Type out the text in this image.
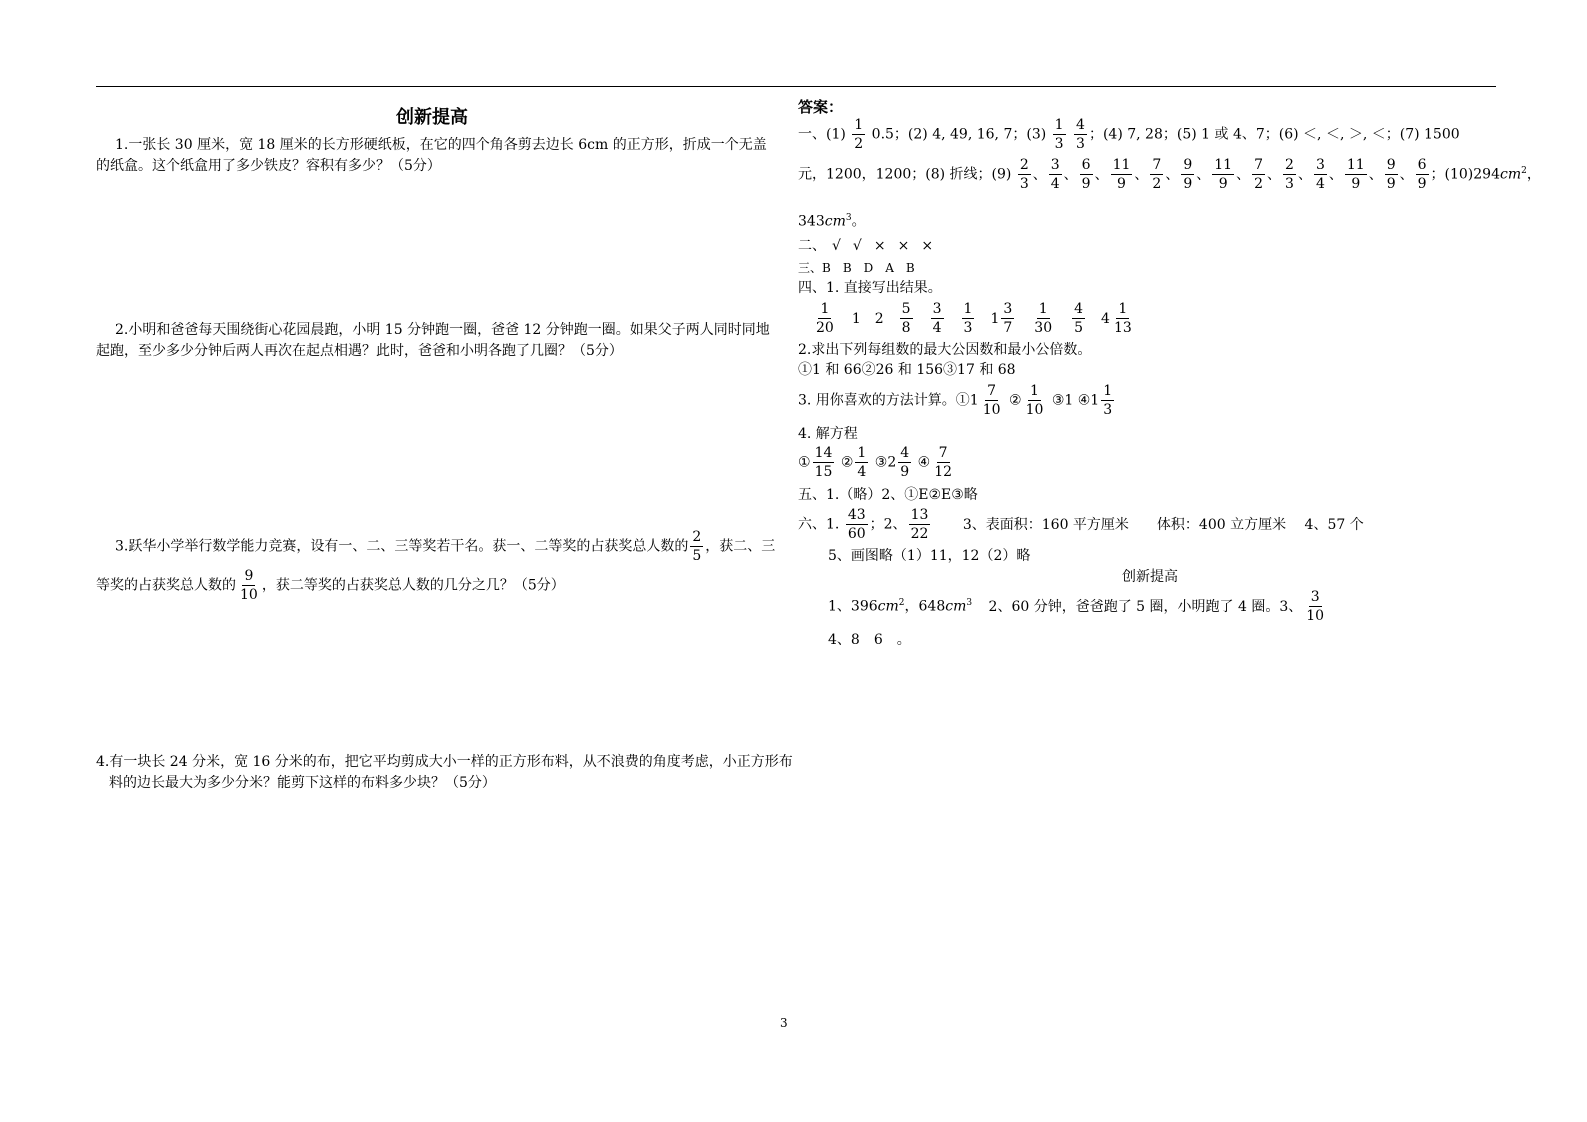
创新提高
1.一张长 30 厘米，宽 18 厘米的长方形硬纸板，在它的四个角各剪去边长 6cm 的正方形，折成一个无盖的纸盒。这个纸盒用了多少铁皮？容积有多少？（5分）
2.小明和爸爸每天围绕街心花园晨跑，小明 15 分钟跑一圈，爸爸 12 分钟跑一圈。如果父子两人同时同地起跑，至少多少分钟后两人再次在起点相遇？此时，爸爸和小明各跑了几圈？（5分）
3.跃华小学举行数学能力竞赛，设有一、二、三等奖若干名。获一、二等奖的占获奖总人数的 $\frac{2}{5}$ ，获二、三
等奖的占获奖总人数的 $\frac{9}{10}$ ，获二等奖的占获奖总人数的几分之几？（5分）
4.有一块长 24 分米，宽 16 分米的布，把它平均剪成大小一样的正方形布料，从不浪费的角度考虑，小正方形布
料的边长最大为多少分米？能剪下这样的布料多少块？（5分）
答案：
一、$(1) \frac{1}{2} 0.5$；(2) 4, 49, 16, 7；$(3) \frac{1}{3}$
$\frac{4}{3}$ ；(4) 7, 28；(5) 1 或 4、7；(6) ＜, ＜, ＞, ＜；(7) 1500
元，1200，1200；(8) 折线；$(9) \frac{2}{3}$ 、 $\frac{3}{4}$ 、 $\frac{6}{9}$ 、 $\frac{11}{9}$ 、 $\frac{7}{2}$ 、 $\frac{9}{9}$ 、 $\frac{11}{9}$ 、 $\frac{7}{2}$ 、 $\frac{2}{3}$ 、 $\frac{3}{4}$ 、 $\frac{11}{9}$ 、 $\frac{9}{9}$ 、 $\frac{6}{9}$ ；$(10)294cm^2$，
$343cm^3$。
二、 √ √ × × ×
三、B　B　D　A　B
四、1. 直接写出结果。
$\frac{1}{20} 1$ $2 \frac{5}{8} \frac{3}{4} \frac{1}{3} 1 \frac{3}{7} \frac{1}{30} \frac{4}{5} 4 \frac{1}{13}$
2.求出下列每组数的最大公因数和最小公倍数。
①1 和 66②26 和 156③17 和 68
3. 用你喜欢的方法计算。①1 $\frac{7}{10}$ ② $\frac{1}{10}$ ③1 ④1 $\frac{1}{3}$
4. 解方程
① $\frac{14}{15}$ ② $\frac{1}{4}$ ③2 $\frac{4}{9}$ ④ $\frac{7}{12}$
五、1.（略）2、①E②E③略
六、1. $\frac{43}{60}$ ；2、 $\frac{13}{22} 3$、表面积：160 平方厘米　　体积：400 立方厘米　 4、57 个
5、画图略（1）11，12（2）略
创新提高
1、$396cm^2$，$648cm^3$ 2、60 分钟，爸爸跑了 5 圈，小明跑了 4 圈。3、 $\frac{3}{10}$
4、8　6　。
3
